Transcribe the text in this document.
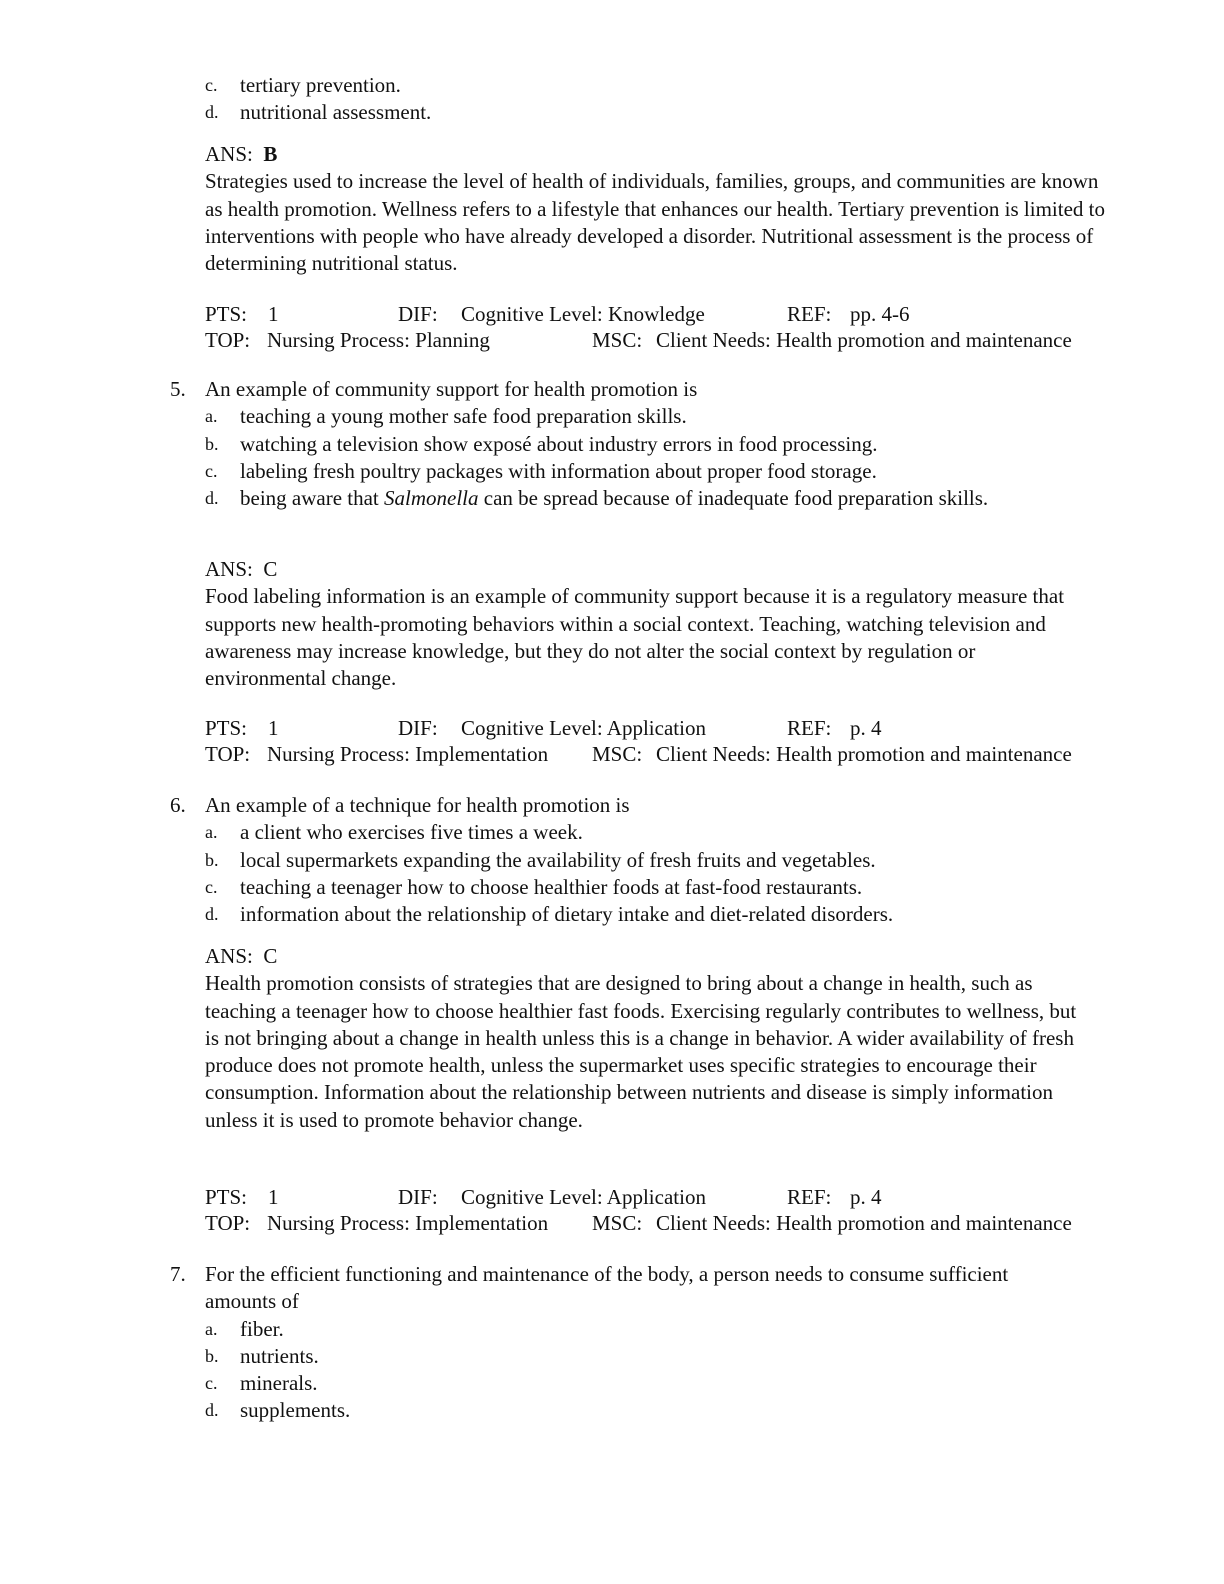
c. tertiary prevention.
d. nutritional assessment.
ANS: B
Strategies used to increase the level of health of individuals, families, groups, and communities are known as health promotion. Wellness refers to a lifestyle that enhances our health. Tertiary prevention is limited to interventions with people who have already developed a disorder. Nutritional assessment is the process of determining nutritional status.
PTS: 1	DIF: Cognitive Level: Knowledge	REF: pp. 4-6
TOP: Nursing Process: Planning	MSC: Client Needs: Health promotion and maintenance
5. An example of community support for health promotion is
a. teaching a young mother safe food preparation skills.
b. watching a television show exposé about industry errors in food processing.
c. labeling fresh poultry packages with information about proper food storage.
d. being aware that Salmonella can be spread because of inadequate food preparation skills.
ANS: C
Food labeling information is an example of community support because it is a regulatory measure that supports new health-promoting behaviors within a social context. Teaching, watching television and awareness may increase knowledge, but they do not alter the social context by regulation or environmental change.
PTS: 1	DIF: Cognitive Level: Application	REF: p. 4
TOP: Nursing Process: Implementation MSC: Client Needs: Health promotion and maintenance
6. An example of a technique for health promotion is
a. a client who exercises five times a week.
b. local supermarkets expanding the availability of fresh fruits and vegetables.
c. teaching a teenager how to choose healthier foods at fast-food restaurants.
d. information about the relationship of dietary intake and diet-related disorders.
ANS: C
Health promotion consists of strategies that are designed to bring about a change in health, such as teaching a teenager how to choose healthier fast foods. Exercising regularly contributes to wellness, but is not bringing about a change in health unless this is a change in behavior. A wider availability of fresh produce does not promote health, unless the supermarket uses specific strategies to encourage their consumption. Information about the relationship between nutrients and disease is simply information unless it is used to promote behavior change.
PTS: 1	DIF: Cognitive Level: Application	REF: p. 4
TOP: Nursing Process: Implementation MSC: Client Needs: Health promotion and maintenance
7. For the efficient functioning and maintenance of the body, a person needs to consume sufficient amounts of
a. fiber.
b. nutrients.
c. minerals.
d. supplements.
